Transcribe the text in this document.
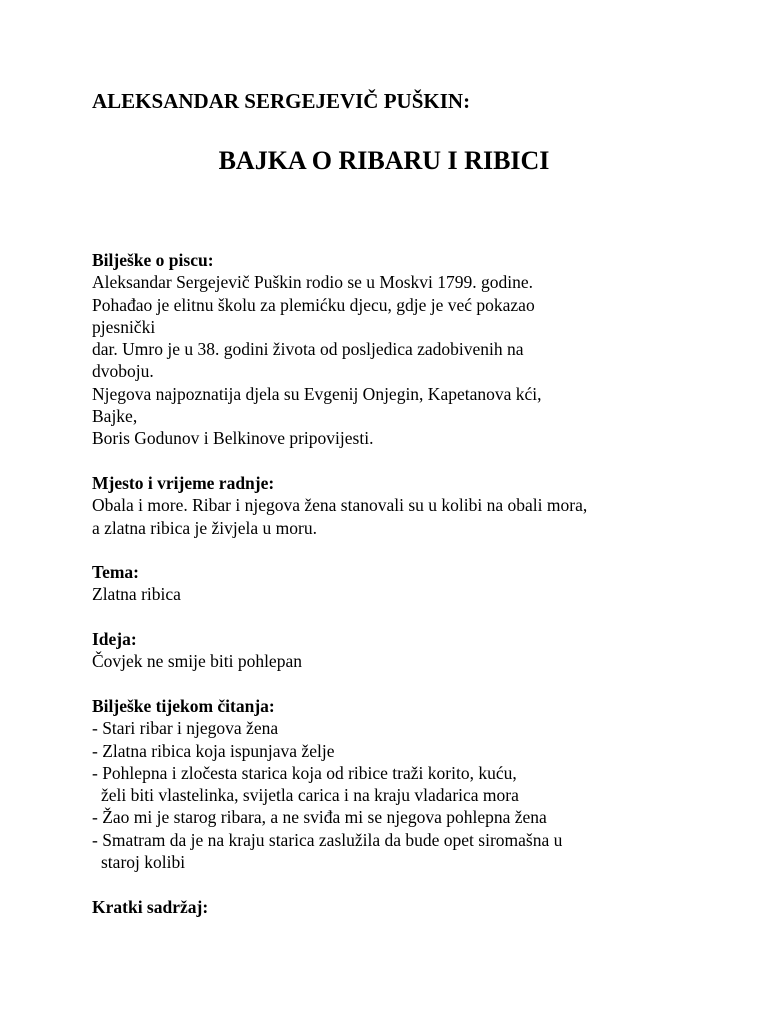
ALEKSANDAR SERGEJEVIČ PUŠKIN:
BAJKA O RIBARU I RIBICI
Bilješke o piscu:
Aleksandar Sergejevič Puškin rodio se u Moskvi 1799. godine.
Pohađao je elitnu školu za plemićku djecu, gdje je već pokazao
pjesnički
dar. Umro je u 38. godini života od posljedica zadobivenih na
dvoboju.
Njegova najpoznatija djela su Evgenij Onjegin, Kapetanova kći,
Bajke,
Boris Godunov i Belkinove pripovijesti.
Mjesto i vrijeme radnje:
Obala i more. Ribar i njegova žena stanovali su u kolibi na obali mora,
a zlatna ribica je živjela u moru.
Tema:
Zlatna ribica
Ideja:
Čovjek ne smije biti pohlepan
Bilješke tijekom čitanja:
- Stari ribar i njegova žena
- Zlatna ribica koja ispunjava želje
- Pohlepna i zločesta starica koja od ribice traži korito, kuću,
želi biti vlastelinka, svijetla carica i na kraju vladarica mora
- Žao mi je starog ribara, a ne sviđa mi se njegova pohlepna žena
- Smatram da je na kraju starica zaslužila da bude opet siromašna u
staroj kolibi
Kratki sadržaj:
